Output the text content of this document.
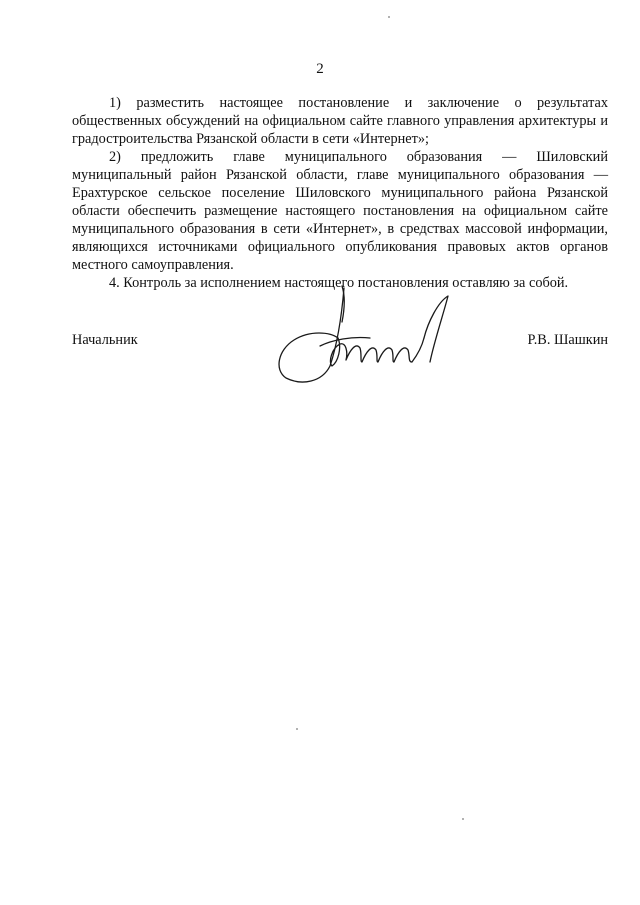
2

1) разместить настоящее постановление и заключение о результатах общественных обсуждений на официальном сайте главного управления архитектуры и градостроительства Рязанской области в сети «Интернет»;

2) предложить главе муниципального образования — Шиловский муниципальный район Рязанской области, главе муниципального образования — Ерахтурское сельское поселение Шиловского муниципального района Рязанской области обеспечить размещение настоящего постановления на официальном сайте муниципального образования в сети «Интернет», в средствах массовой информации, являющихся источниками официального опубликования правовых актов органов местного самоуправления.

4. Контроль за исполнением настоящего постановления оставляю за собой.

Начальник	Р.В. Шашкин
